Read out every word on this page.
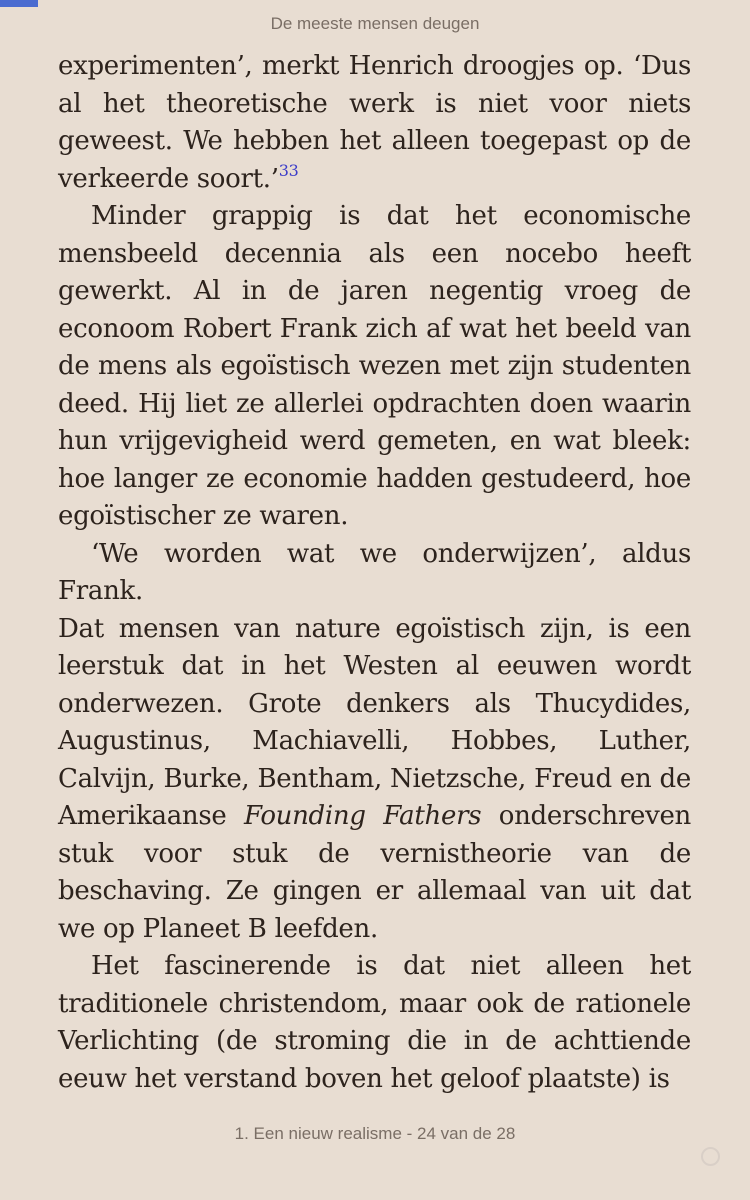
De meeste mensen deugen

experimenten’, merkt Henrich droogjes op. ‘Dus al het theoretische werk is niet voor niets geweest. We hebben het alleen toegepast op de verkeerde soort.’$^{33}$

Minder grappig is dat het economische mensbeeld decennia als een nocebo heeft gewerkt. Al in de jaren negentig vroeg de econoom Robert Frank zich af wat het beeld van de mens als egoïstisch wezen met zijn studenten deed. Hij liet ze allerlei opdrachten doen waarin hun vrijgevigheid werd gemeten, en wat bleek: hoe langer ze economie hadden gestudeerd, hoe egoïstischer ze waren.

‘We worden wat we onderwijzen’, aldus Frank.

Dat mensen van nature egoïstisch zijn, is een leerstuk dat in het Westen al eeuwen wordt onderwezen. Grote denkers als Thucydides, Augustinus, Machiavelli, Hobbes, Luther, Calvijn, Burke, Bentham, Nietzsche, Freud en de Amerikaanse Founding Fathers onderschreven stuk voor stuk de vernistheorie van de beschaving. Ze gingen er allemaal van uit dat we op Planeet B leefden.

Het fascinerende is dat niet alleen het traditionele christendom, maar ook de rationele Verlichting (de stroming die in de achttiende eeuw het verstand boven het geloof plaatste) is

1. Een nieuw realisme - 24 van de 28
